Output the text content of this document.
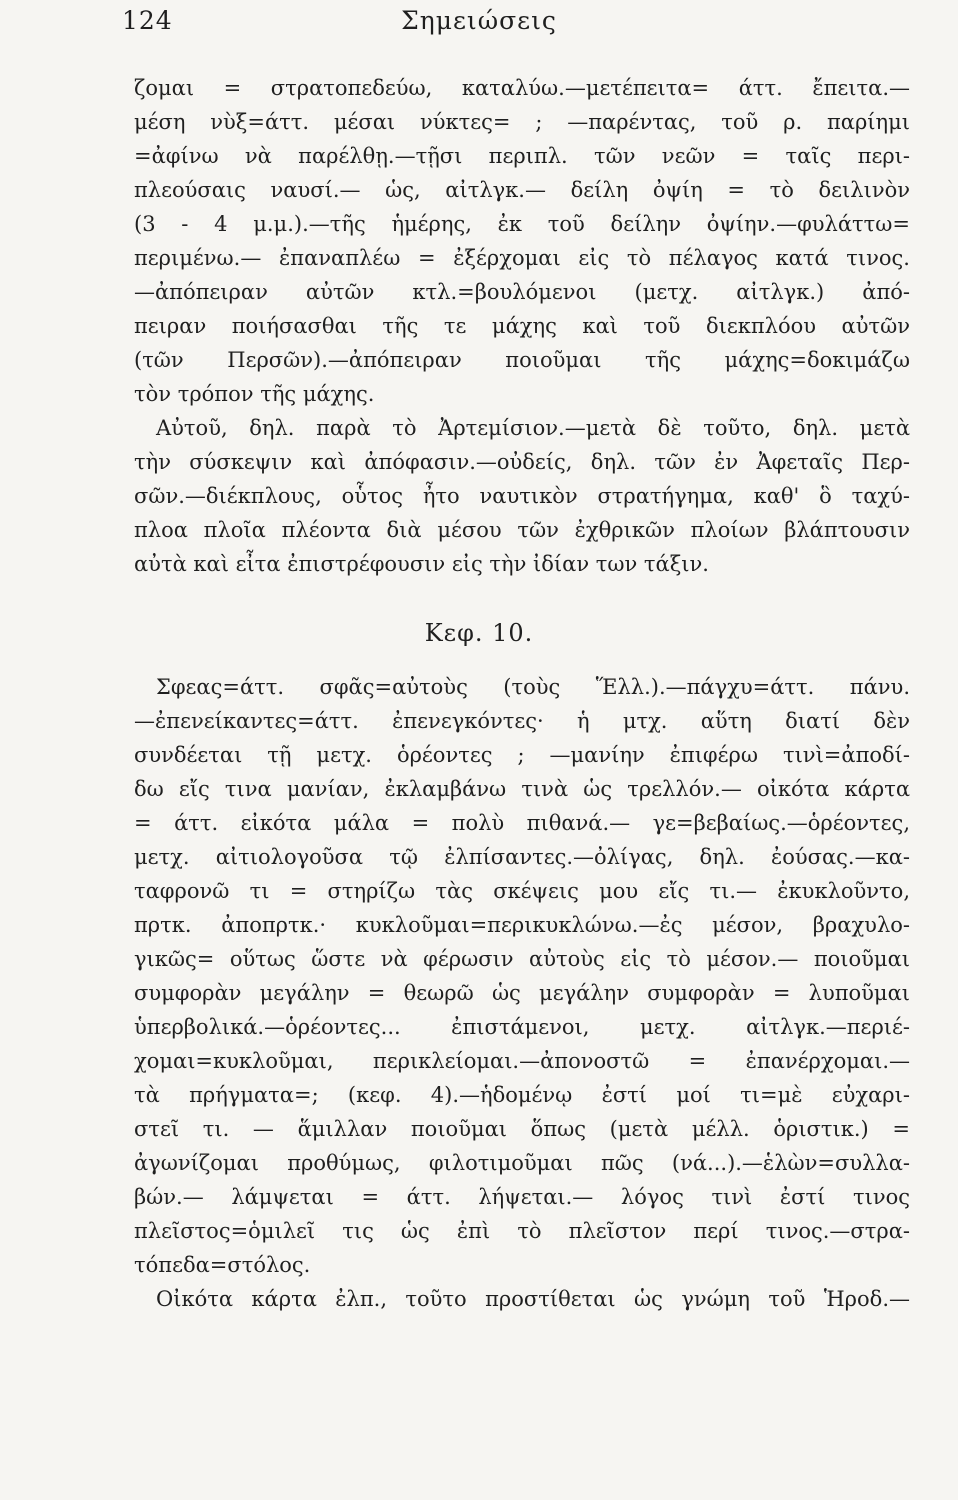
124	Σημειώσεις
ζομαι = στρατοπεδεύω, καταλύω.—μετέπειτα= άττ. ἔπειτα.—
μέση νὺξ=άττ. μέσαι νύκτες= ; —παρέντας, τοῦ ρ. παρίημι
=ἀφίνω νὰ παρέλθῃ.—τῇσι περιπλ. τῶν νεῶν = ταῖς περι-
πλεούσαις ναυσί.— ὡς, αἰτλγκ.— δείλη ὀψίη = τὸ δειλινὸν
(3 - 4 μ.μ.).—τῆς ἡμέρης, ἐκ τοῦ δείλην ὀψίην.—φυλάττω=
περιμένω.— ἐπαναπλέω = ἐξέρχομαι εἰς τὸ πέλαγος κατά τινος.
—ἀπόπειραν αὐτῶν κτλ.=βουλόμενοι (μετχ. αἰτλγκ.) ἀπό-
πειραν ποιήσασθαι τῆς τε μάχης καὶ τοῦ διεκπλόου αὐτῶν
(τῶν Περσῶν).—ἀπόπειραν ποιοῦμαι τῆς μάχης=δοκιμάζω
τὸν τρόπον τῆς μάχης.
Αὐτοῦ, δηλ. παρὰ τὸ Ἀρτεμίσιον.—μετὰ δὲ τοῦτο, δηλ. μετὰ
τὴν σύσκεψιν καὶ ἀπόφασιν.—οὐδείς, δηλ. τῶν ἐν Ἀφεταῖς Περ-
σῶν.—διέκπλους, οὗτος ἦτο ναυτικὸν στρατήγημα, καθ' ὃ ταχύ-
πλοα πλοῖα πλέοντα διὰ μέσου τῶν ἐχθρικῶν πλοίων βλάπτουσιν
αὐτὰ καὶ εἶτα ἐπιστρέφουσιν εἰς τὴν ἰδίαν των τάξιν.
Κεφ. 10.
Σφεας=άττ. σφᾶς=αὐτοὺς (τοὺς Ἕλλ.).—πάγχυ=άττ. πάνυ.
—ἐπενείκαντες=άττ. ἐπενεγκόντες· ἡ μτχ. αὕτη διατί δὲν
συνδέεται τῇ μετχ. ὁρέοντες ; —μανίην ἐπιφέρω τινὶ=ἀποδί-
δω εἴς τινα μανίαν, ἐκλαμβάνω τινὰ ὡς τρελλόν.— οἰκότα κάρτα
= άττ. εἰκότα μάλα = πολὺ πιθανά.— γε=βεβαίως.—ὁρέοντες,
μετχ. αἰτιολογοῦσα τῷ ἐλπίσαντες.—ὀλίγας, δηλ. ἐούσας.—κα-
ταφρονῶ τι = στηρίζω τὰς σκέψεις μου εἴς τι.— ἐκυκλοῦντο,
πρτκ. ἀποπρτκ.· κυκλοῦμαι=περικυκλώνω.—ἐς μέσον, βραχυλο-
γικῶς= οὕτως ὥστε νὰ φέρωσιν αὐτοὺς εἰς τὸ μέσον.— ποιοῦμαι
συμφορὰν μεγάλην = θεωρῶ ὡς μεγάλην συμφορὰν = λυποῦμαι
ὑπερβολικά.—ὁρέοντες... ἐπιστάμενοι, μετχ. αἰτλγκ.—περιέ-
χομαι=κυκλοῦμαι, περικλείομαι.—ἀπονοστῶ = ἐπανέρχομαι.—
τὰ πρήγματα=; (κεφ. 4).—ἡδομένῳ ἐστί μοί τι=μὲ εὐχαρι-
στεῖ τι. — ἅμιλλαν ποιοῦμαι ὅπως (μετὰ μέλλ. ὁριστικ.) =
ἀγωνίζομαι προθύμως, φιλοτιμοῦμαι πῶς (νά...).—ἑλὼν=συλλα-
βών.— λάμψεται = άττ. λήψεται.— λόγος τινὶ ἐστί τινος
πλεῖστος=ὁμιλεῖ τις ὡς ἐπὶ τὸ πλεῖστον περί τινος.—στρα-
τόπεδα=στόλος.
Οἰκότα κάρτα ἐλπ., τοῦτο προστίθεται ὡς γνώμη τοῦ Ἡροδ.—
